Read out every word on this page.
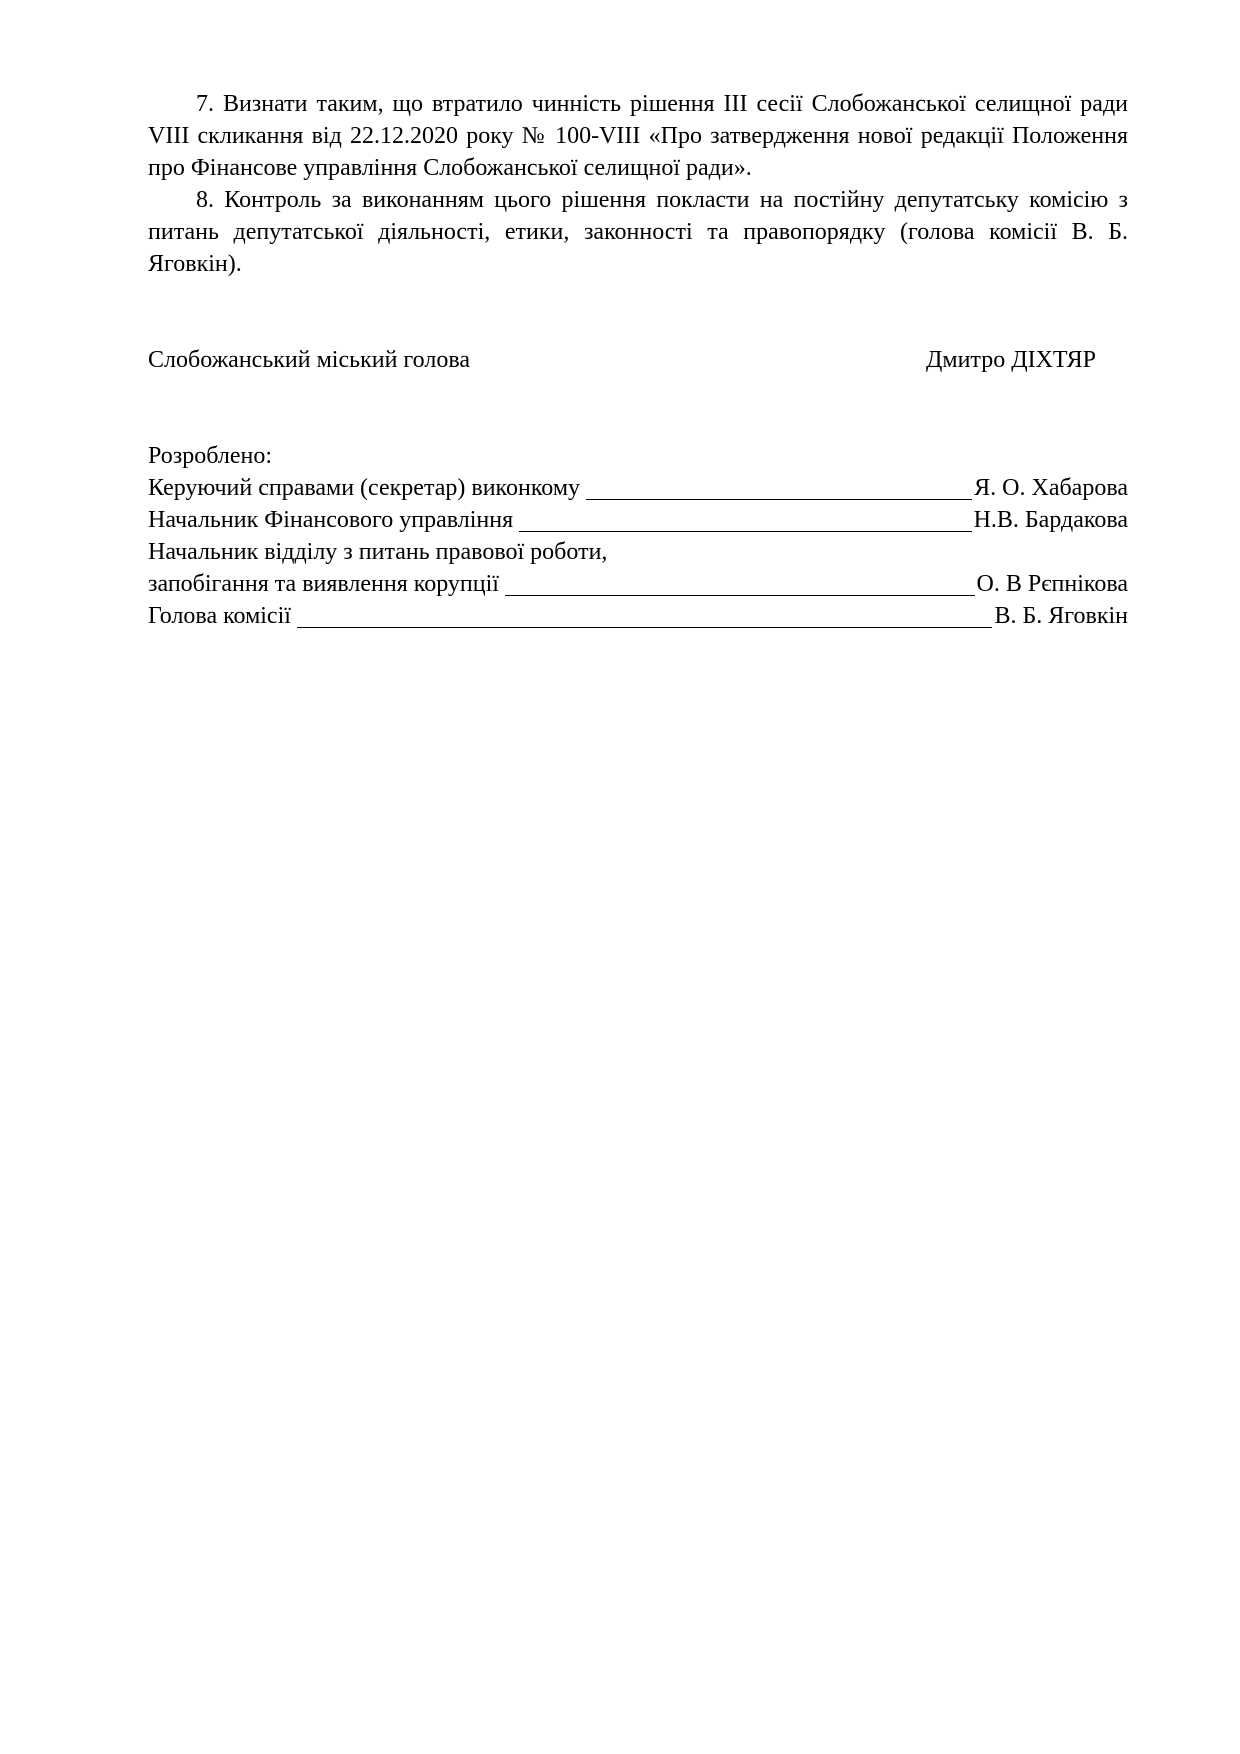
7. Визнати таким, що втратило чинність рішення ІІІ сесії Слобожанської селищної ради VІІІ скликання від 22.12.2020 року № 100-VIII «Про затвердження нової редакції Положення про Фінансове управління Слобожанської селищної ради».

8. Контроль за виконанням цього рішення покласти на постійну депутатську комісію з питань депутатської діяльності, етики, законності та правопорядку (голова комісії В. Б. Яговкін).

Слобожанський міський голова	Дмитро ДІХТЯР
Розроблено:
Керуючий справами (секретар) виконкому	Я. О. Хабарова
Начальник Фінансового управління	Н.В. Бардакова
Начальник відділу з питань правової роботи,
запобігання та виявлення корупції	О. В Рєпнікова
Голова комісії	В. Б. Яговкін
